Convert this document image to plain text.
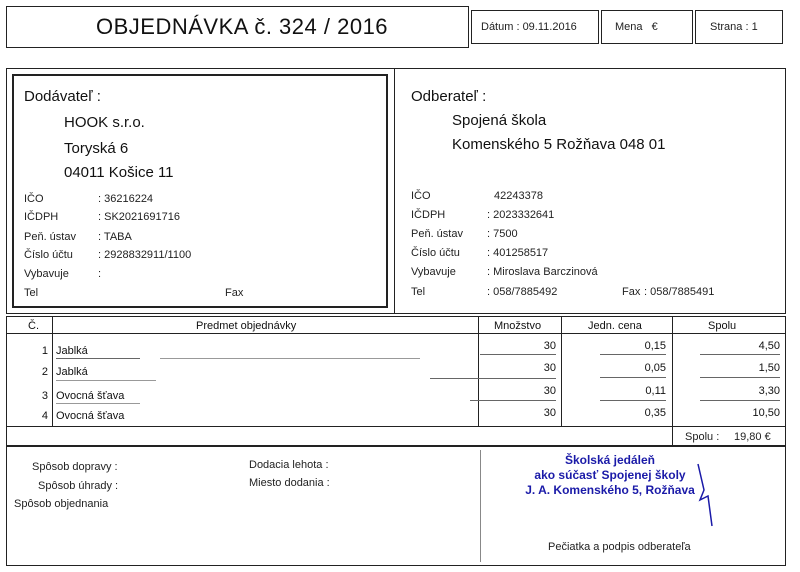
OBJEDNÁVKA č. 324 / 2016	Dátum : 09.11.2016	Mena   €	Strana : 1
Dodávateľ :
HOOK s.r.o.
Toryská 6
04011 Košice 11
IČO	: 36216224
IČDPH	: SK2021691716
Peň. ústav : TABA
Číslo účtu : 2928832911/1100
Vybavuje	:
Tel	Fax
Odberateľ :
Spojená škola
Komenského 5 Rožňava 048 01
IČO	42243378
IČDPH	: 2023332641
Peň. ústav : 7500
Číslo účtu : 401258517
Vybavuje	: Miroslava Barczinová
Tel	: 058/7885492	Fax : 058/7885491
Č.	Predmet objednávky	Množstvo	Jedn. cena	Spolu
1 Jablká	30	0,15	4,50
2 Jablká	30	0,05	1,50
3 Ovocná šťava	30	0,11	3,30
4 Ovocná šťava	30	0,35	10,50
Spolu : 19,80 €
Spôsob dopravy :
Spôsob úhrady :
Spôsob objednania
Dodacia lehota :
Miesto dodania :
Školská jedáleň
ako súčasť Spojenej školy
J. A. Komenského 5, Rožňava
Pečiatka a podpis odberateľa
